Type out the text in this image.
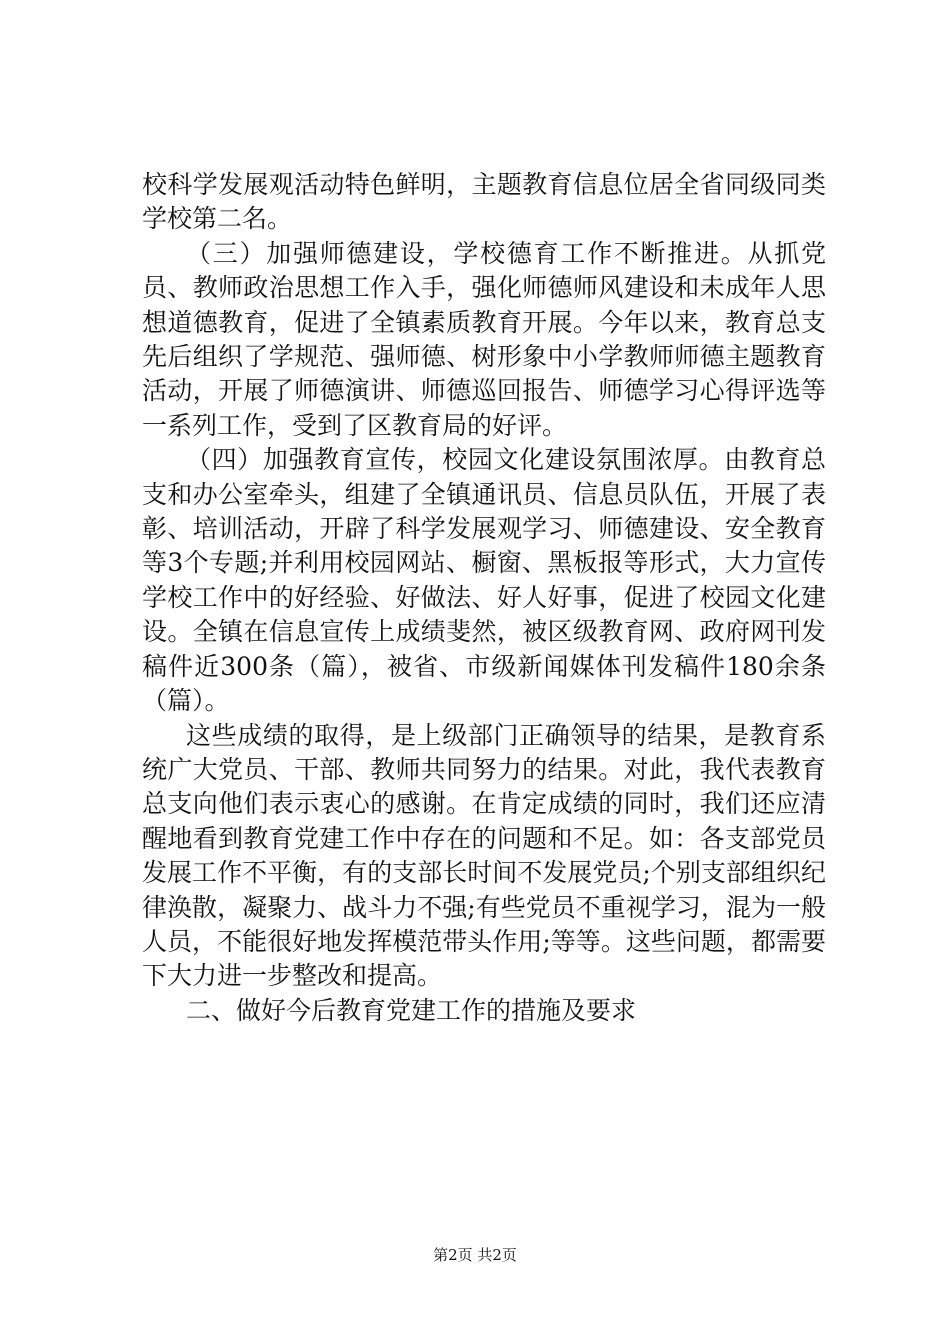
校科学发展观活动特色鲜明，主题教育信息位居全省同级同类学校第二名。

（三）加强师德建设，学校德育工作不断推进。从抓党员、教师政治思想工作入手，强化师德师风建设和未成年人思想道德教育，促进了全镇素质教育开展。今年以来，教育总支先后组织了学规范、强师德、树形象中小学教师师德主题教育活动，开展了师德演讲、师德巡回报告、师德学习心得评选等一系列工作，受到了区教育局的好评。

（四）加强教育宣传，校园文化建设氛围浓厚。由教育总支和办公室牵头，组建了全镇通讯员、信息员队伍，开展了表彰、培训活动，开辟了科学发展观学习、师德建设、安全教育等3个专题;并利用校园网站、橱窗、黑板报等形式，大力宣传学校工作中的好经验、好做法、好人好事，促进了校园文化建设。全镇在信息宣传上成绩斐然，被区级教育网、政府网刊发稿件近300条（篇），被省、市级新闻媒体刊发稿件180余条（篇）。

这些成绩的取得，是上级部门正确领导的结果，是教育系统广大党员、干部、教师共同努力的结果。对此，我代表教育总支向他们表示衷心的感谢。在肯定成绩的同时，我们还应清醒地看到教育党建工作中存在的问题和不足。如：各支部党员发展工作不平衡，有的支部长时间不发展党员;个别支部组织纪律涣散，凝聚力、战斗力不强;有些党员不重视学习，混为一般人员，不能很好地发挥模范带头作用;等等。这些问题，都需要下大力进一步整改和提高。

二、做好今后教育党建工作的措施及要求

第2页 共2页
